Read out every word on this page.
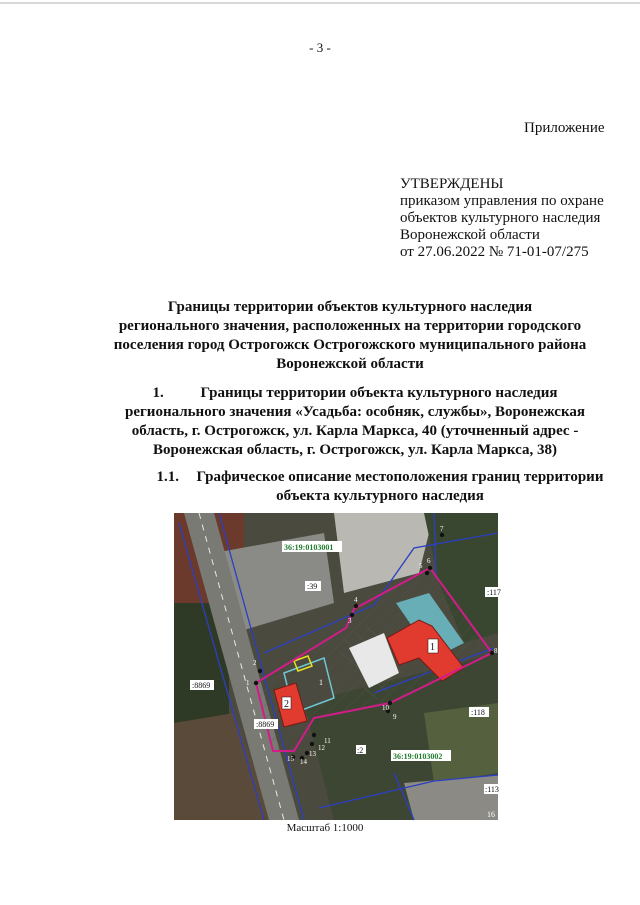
- 3 -
Приложение
УТВЕРЖДЕНЫ
приказом управления по охране
объектов культурного наследия
Воронежской области
от 27.06.2022 № 71-01-07/275
Границы территории объектов культурного наследия
регионального значения, расположенных на территории городского
поселения город Острогожск Острогожского муниципального района
Воронежской области
1. Границы территории объекта культурного наследия
регионального значения «Усадьба: особняк, службы», Воронежская
область, г. Острогожск, ул. Карла Маркса, 40 (уточненный адрес -
Воронежская область, г. Острогожск, ул. Карла Маркса, 38)
1.1. Графическое описание местоположения границ территории
объекта культурного наследия
36:19:0103001
36:19:0103002
:39
:117
:118
:113
:8869
:8869
:2
16
1
2
1
1
2
3
4
5
6
7
8
9
10
11
12
13
14
15
Масштаб 1:1000
